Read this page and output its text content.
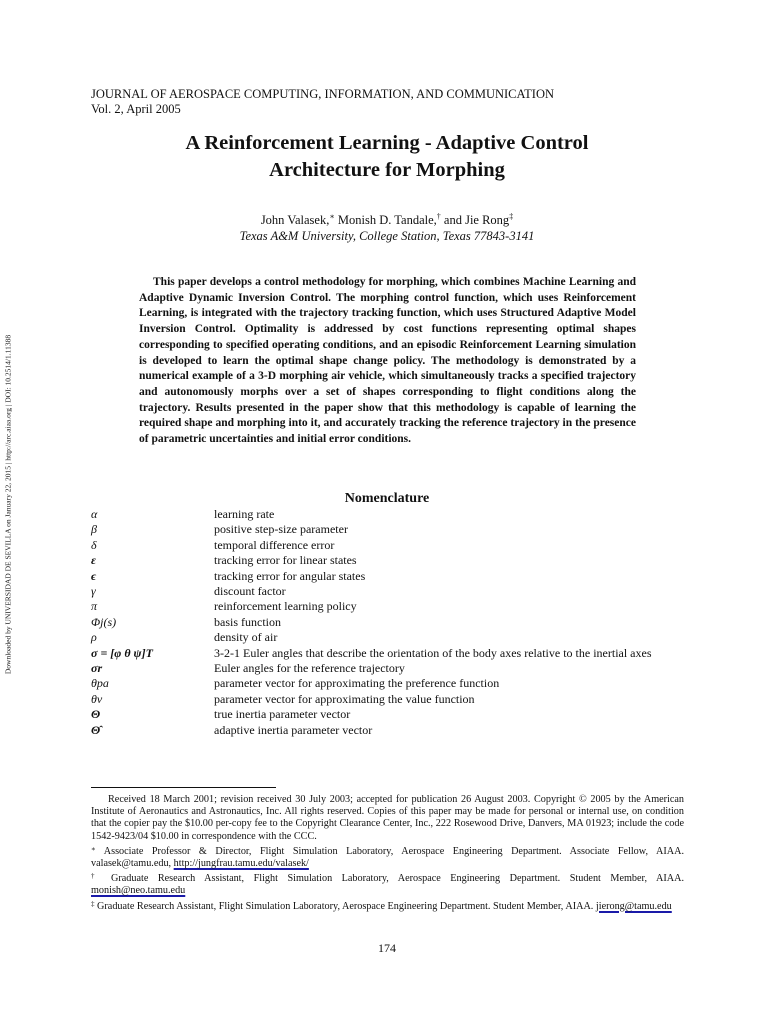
Downloaded by UNIVERSIDAD DE SEVILLA on January 22, 2015 | http://arc.aiaa.org | DOI: 10.2514/1.11388
JOURNAL OF AEROSPACE COMPUTING, INFORMATION, AND COMMUNICATION
Vol. 2, April 2005
A Reinforcement Learning - Adaptive Control
Architecture for Morphing
John Valasek,∗ Monish D. Tandale,† and Jie Rong‡
Texas A&M University, College Station, Texas 77843-3141
This paper develops a control methodology for morphing, which combines Machine Learning and Adaptive Dynamic Inversion Control. The morphing control function, which uses Reinforcement Learning, is integrated with the trajectory tracking function, which uses Structured Adaptive Model Inversion Control. Optimality is addressed by cost functions representing optimal shapes corresponding to specified operating conditions, and an episodic Reinforcement Learning simulation is developed to learn the optimal shape change policy. The methodology is demonstrated by a numerical example of a 3-D morphing air vehicle, which simultaneously tracks a specified trajectory and autonomously morphs over a set of shapes corresponding to flight conditions along the trajectory. Results presented in the paper show that this methodology is capable of learning the required shape and morphing into it, and accurately tracking the reference trajectory in the presence of parametric uncertainties and initial error conditions.
Nomenclature
α	learning rate
β	positive step-size parameter
δ	temporal difference error
ε	tracking error for linear states
ϵ	tracking error for angular states
γ	discount factor
π	reinforcement learning policy
Φj(s)	basis function
ρ	density of air
σ = [φ θ ψ]T	3-2-1 Euler angles that describe the orientation of the body axes relative to the inertial axes
σr	Euler angles for the reference trajectory
θpa	parameter vector for approximating the preference function
θv	parameter vector for approximating the value function
Θ	true inertia parameter vector
Θ̂	adaptive inertia parameter vector

Received 18 March 2001; revision received 30 July 2003; accepted for publication 26 August 2003. Copyright © 2005 by the American Institute of Aeronautics and Astronautics, Inc. All rights reserved. Copies of this paper may be made for personal or internal use, on condition that the copier pay the $10.00 per-copy fee to the Copyright Clearance Center, Inc., 222 Rosewood Drive, Danvers, MA 01923; include the code 1542-9423/04 $10.00 in correspondence with the CCC.

∗ Associate Professor & Director, Flight Simulation Laboratory, Aerospace Engineering Department. Associate Fellow, AIAA. valasek@tamu.edu, http://jungfrau.tamu.edu/valasek/

† Graduate Research Assistant, Flight Simulation Laboratory, Aerospace Engineering Department. Student Member, AIAA. monish@neo.tamu.edu

‡ Graduate Research Assistant, Flight Simulation Laboratory, Aerospace Engineering Department. Student Member, AIAA. jierong@tamu.edu

174
